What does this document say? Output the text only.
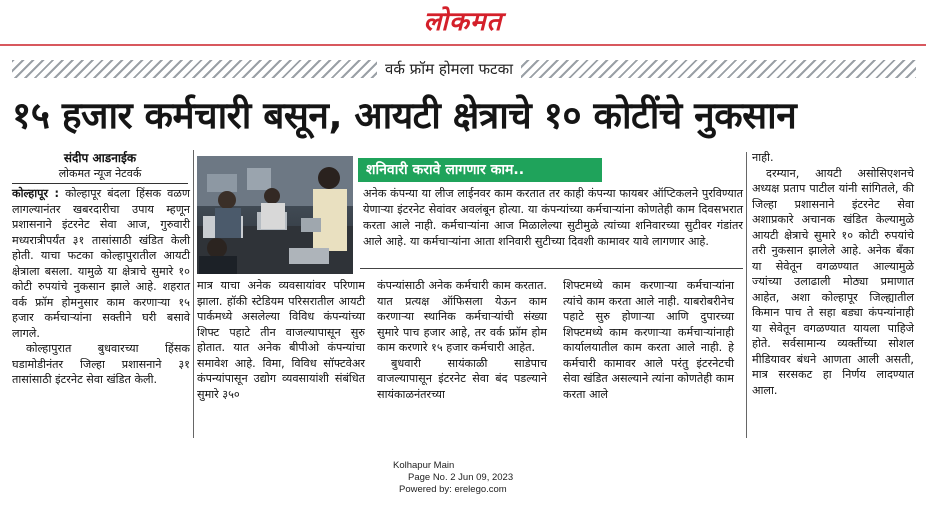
लोकमत
वर्क फ्रॉम होमला फटका
१५ हजार कर्मचारी बसून, आयटी क्षेत्राचे १० कोटींचे नुकसान
संदीप आडनाईक
लोकमत न्यूज नेटवर्क

कोल्हापूर : कोल्हापूर बंदला हिंसक वळण लागल्यानंतर खबरदारीचा उपाय म्हणून प्रशासनाने इंटरनेट सेवा आज, गुरुवारी मध्यरात्रीपर्यंत ३१ तासांसाठी खंडित केली होती. याचा फटका कोल्हापुरातील आयटी क्षेत्राला बसला. यामुळे या क्षेत्राचे सुमारे १० कोटी रुपयांचे नुकसान झाले आहे. शहरात वर्क फ्रॉम होमनुसार काम करणाऱ्या १५ हजार कर्मचाऱ्यांना सक्तीने घरी बसावे लागले.

कोल्हापुरात बुधवारच्या हिंसक घडामोडीनंतर जिल्हा प्रशासनाने ३१ तासांसाठी इंटरनेट सेवा खंडित केली.

शनिवारी करावे लागणार काम..
अनेक कंपन्या या लीज लाईनवर काम करतात तर काही कंपन्या फायबर ऑप्टिकलने पुरविण्यात येणाऱ्या इंटरनेट सेवांवर अवलंबून होत्या. या कंपन्यांच्या कर्मचाऱ्यांना कोणतेही काम दिवसभरात करता आले नाही. कर्मचाऱ्यांना आज मिळालेल्या सुटीमुळे त्यांच्या शनिवारच्या सुटीवर गंडांतर आले आहे. या कर्मचाऱ्यांना आता शनिवारी सुटीच्या दिवशी कामावर यावे लागणार आहे.

मात्र याचा अनेक व्यवसायांवर परिणाम झाला. हॉकी स्टेडियम परिसरातील आयटी पार्कमध्ये असलेल्या विविध कंपन्यांच्या शिफ्ट पहाटे तीन वाजल्यापासून सुरु होतात. यात अनेक बीपीओ कंपन्यांचा समावेश आहे. विमा, विविध सॉफ्टवेअर कंपन्यांपासून उद्योग व्यवसायांशी संबंधित सुमारे ३५०

कंपन्यांसाठी अनेक कर्मचारी काम करतात. यात प्रत्यक्ष ऑफिसला येऊन काम करणाऱ्या स्थानिक कर्मचाऱ्यांची संख्या सुमारे पाच हजार आहे, तर वर्क फ्रॉम होम काम करणारे १५ हजार कर्मचारी आहेत.

बुधवारी सायंकाळी साडेपाच वाजल्यापासून इंटरनेट सेवा बंद पडल्याने सायंकाळनंतरच्या

शिफ्टमध्ये काम करणाऱ्या कर्मचाऱ्यांना त्यांचे काम करता आले नाही. याबरोबरीनेच पहाटे सुरु होणाऱ्या आणि दुपारच्या शिफ्टमध्ये काम करणाऱ्या कर्मचाऱ्यांनाही कार्यालयातील काम करता आले नाही. हे कर्मचारी कामावर आले परंतु इंटरनेटची सेवा खंडित असल्याने त्यांना कोणतेही काम करता आले

नाही.

दरम्यान, आयटी असोसिएशनचे अध्यक्ष प्रताप पाटील यांनी सांगितले, की जिल्हा प्रशासनाने इंटरनेट सेवा अशाप्रकारे अचानक खंडित केल्यामुळे आयटी क्षेत्राचे सुमारे १० कोटी रुपयांचे तरी नुकसान झालेले आहे. अनेक बँका या सेवेतून वगळण्यात आल्यामुळे ज्यांच्या उलाढाली मोठ्या प्रमाणात आहेत, अशा कोल्हापूर जिल्ह्यातील किमान पाच ते सहा बड्या कंपन्यांनाही या सेवेतून वगळण्यात यायला पाहिजे होते. सर्वसामान्य व्यक्तींच्या सोशल मीडियावर बंधने आणता आली असती, मात्र सरसकट हा निर्णय लादण्यात आला.

Kolhapur Main
Page No. 2 Jun 09, 2023
Powered by: erelego.com
